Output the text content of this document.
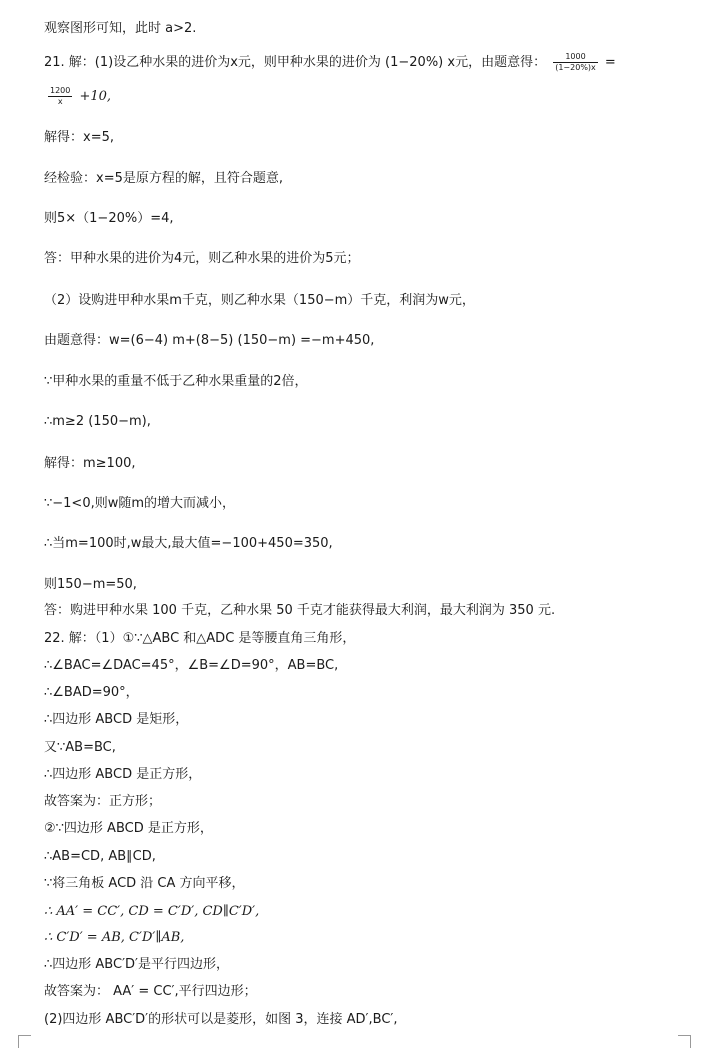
观察图形可知，此时 a>2.
21. 解：(1)设乙种水果的进价为x元，则甲种水果的进价为 (1−20%) x元，由题意得： $\frac{1000}{(1-20\%)x}$ =
$\frac{1200}{x} +10$,
解得：x=5,
经检验：x=5是原方程的解，且符合题意,
则5×（1−20%）=4,
答：甲种水果的进价为4元，则乙种水果的进价为5元；
（2）设购进甲种水果m千克，则乙种水果（150−m）千克，利润为w元，
由题意得：w=(6−4) m+(8−5) (150−m) =−m+450,
∵甲种水果的重量不低于乙种水果重量的2倍，
∴m≥2 (150−m),
解得：m≥100,
∵−1<0,则w随m的增大而减小，
∴当m=100时,w最大,最大值=−100+450=350,
则150−m=50,
答：购进甲种水果 100 千克，乙种水果 50 千克才能获得最大利润，最大利润为 350 元.
22. 解：（1）①∵△ABC 和△ADC 是等腰直角三角形，
∴∠BAC=∠DAC=45°，∠B=∠D=90°，AB=BC,
∴∠BAD=90°，
∴四边形 ABCD 是矩形，
又∵AB=BC,
∴四边形 ABCD 是正方形，
故答案为：正方形；
②∵四边形 ABCD 是正方形，
∴AB=CD, AB∥CD,
∵将三角板 ACD 沿 CA 方向平移，
∴ AA′ = CC′, CD = C′D′, CD∥C′D′,
∴ C′D′ = AB, C′D′∥AB,
∴四边形 ABC′D′是平行四边形，
故答案为： AA′ = CC′,平行四边形；
(2)四边形 ABC′D′的形状可以是菱形，如图 3，连接 AD′,BC′,
